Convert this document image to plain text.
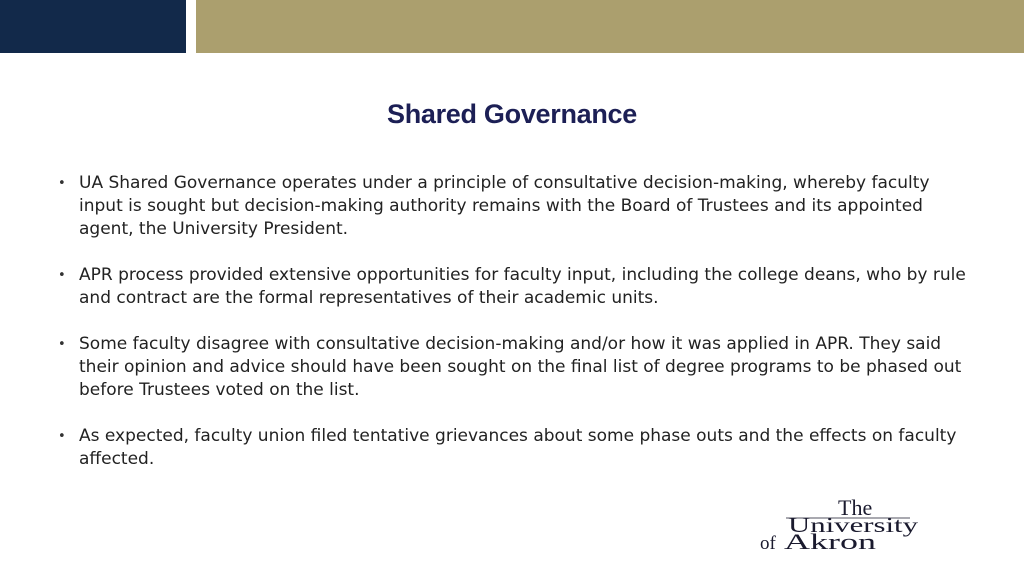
Shared Governance
• UA Shared Governance operates under a principle of consultative decision-making, whereby faculty input is sought but decision-making authority remains with the Board of Trustees and its appointed agent, the University President.
• APR process provided extensive opportunities for faculty input, including the college deans, who by rule and contract are the formal representatives of their academic units.
• Some faculty disagree with consultative decision-making and/or how it was applied in APR. They said their opinion and advice should have been sought on the final list of degree programs to be phased out before Trustees voted on the list.
• As expected, faculty union filed tentative grievances about some phase outs and the effects on faculty affected.
The
University
of Akron
